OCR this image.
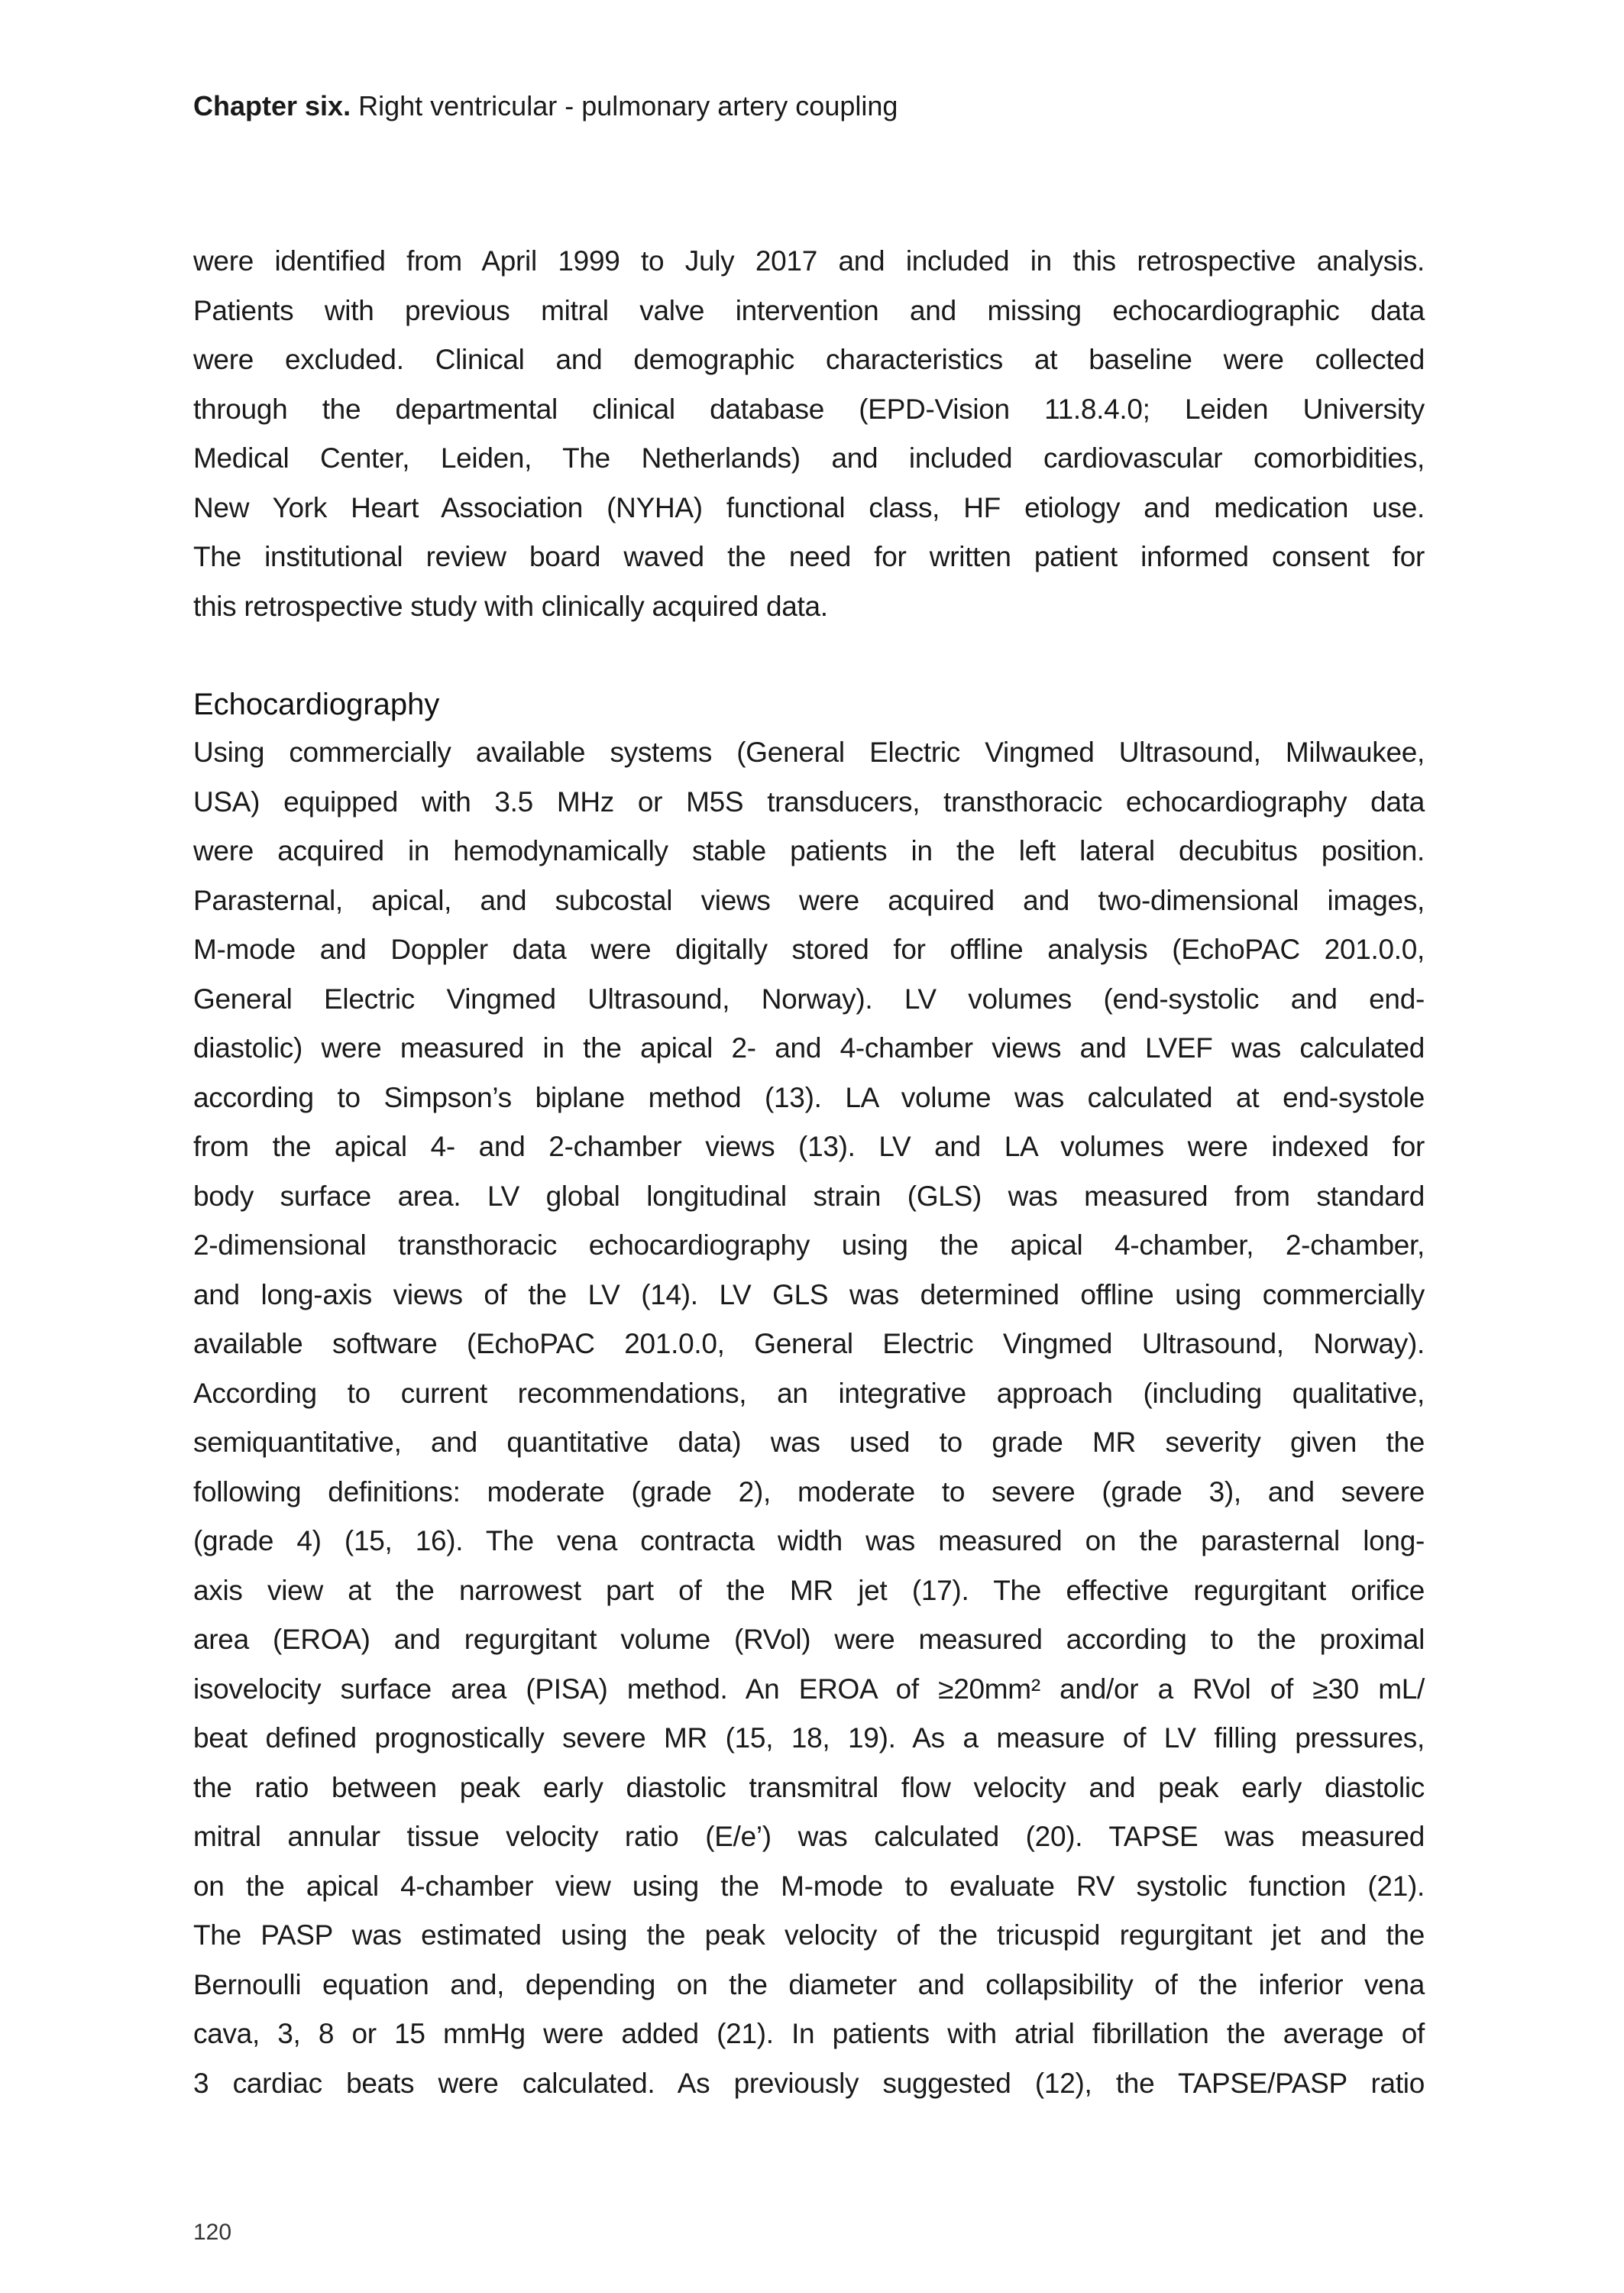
Chapter six. Right ventricular - pulmonary artery coupling
were identified from April 1999 to July 2017 and included in this retrospective analysis.
Patients with previous mitral valve intervention and missing echocardiographic data
were excluded. Clinical and demographic characteristics at baseline were collected
through the departmental clinical database (EPD-Vision 11.8.4.0; Leiden University
Medical Center, Leiden, The Netherlands) and included cardiovascular comorbidities,
New York Heart Association (NYHA) functional class, HF etiology and medication use.
The institutional review board waved the need for written patient informed consent for
this retrospective study with clinically acquired data.
Echocardiography
Using commercially available systems (General Electric Vingmed Ultrasound, Milwaukee,
USA) equipped with 3.5 MHz or M5S transducers, transthoracic echocardiography data
were acquired in hemodynamically stable patients in the left lateral decubitus position.
Parasternal, apical, and subcostal views were acquired and two-dimensional images,
M-mode and Doppler data were digitally stored for offline analysis (EchoPAC 201.0.0,
General Electric Vingmed Ultrasound, Norway). LV volumes (end-systolic and end-
diastolic) were measured in the apical 2- and 4-chamber views and LVEF was calculated
according to Simpson’s biplane method (13). LA volume was calculated at end-systole
from the apical 4- and 2-chamber views (13). LV and LA volumes were indexed for
body surface area. LV global longitudinal strain (GLS) was measured from standard
2-dimensional transthoracic echocardiography using the apical 4-chamber, 2-chamber,
and long-axis views of the LV (14). LV GLS was determined offline using commercially
available software (EchoPAC 201.0.0, General Electric Vingmed Ultrasound, Norway).
According to current recommendations, an integrative approach (including qualitative,
semiquantitative, and quantitative data) was used to grade MR severity given the
following definitions: moderate (grade 2), moderate to severe (grade 3), and severe
(grade 4) (15, 16). The vena contracta width was measured on the parasternal long-
axis view at the narrowest part of the MR jet (17). The effective regurgitant orifice
area (EROA) and regurgitant volume (RVol) were measured according to the proximal
isovelocity surface area (PISA) method. An EROA of ≥20mm² and/or a RVol of ≥30 mL/
beat defined prognostically severe MR (15, 18, 19). As a measure of LV filling pressures,
the ratio between peak early diastolic transmitral flow velocity and peak early diastolic
mitral annular tissue velocity ratio (E/e’) was calculated (20). TAPSE was measured
on the apical 4-chamber view using the M-mode to evaluate RV systolic function (21).
The PASP was estimated using the peak velocity of the tricuspid regurgitant jet and the
Bernoulli equation and, depending on the diameter and collapsibility of the inferior vena
cava, 3, 8 or 15 mmHg were added (21). In patients with atrial fibrillation the average of
3 cardiac beats were calculated. As previously suggested (12), the TAPSE/PASP ratio
120
